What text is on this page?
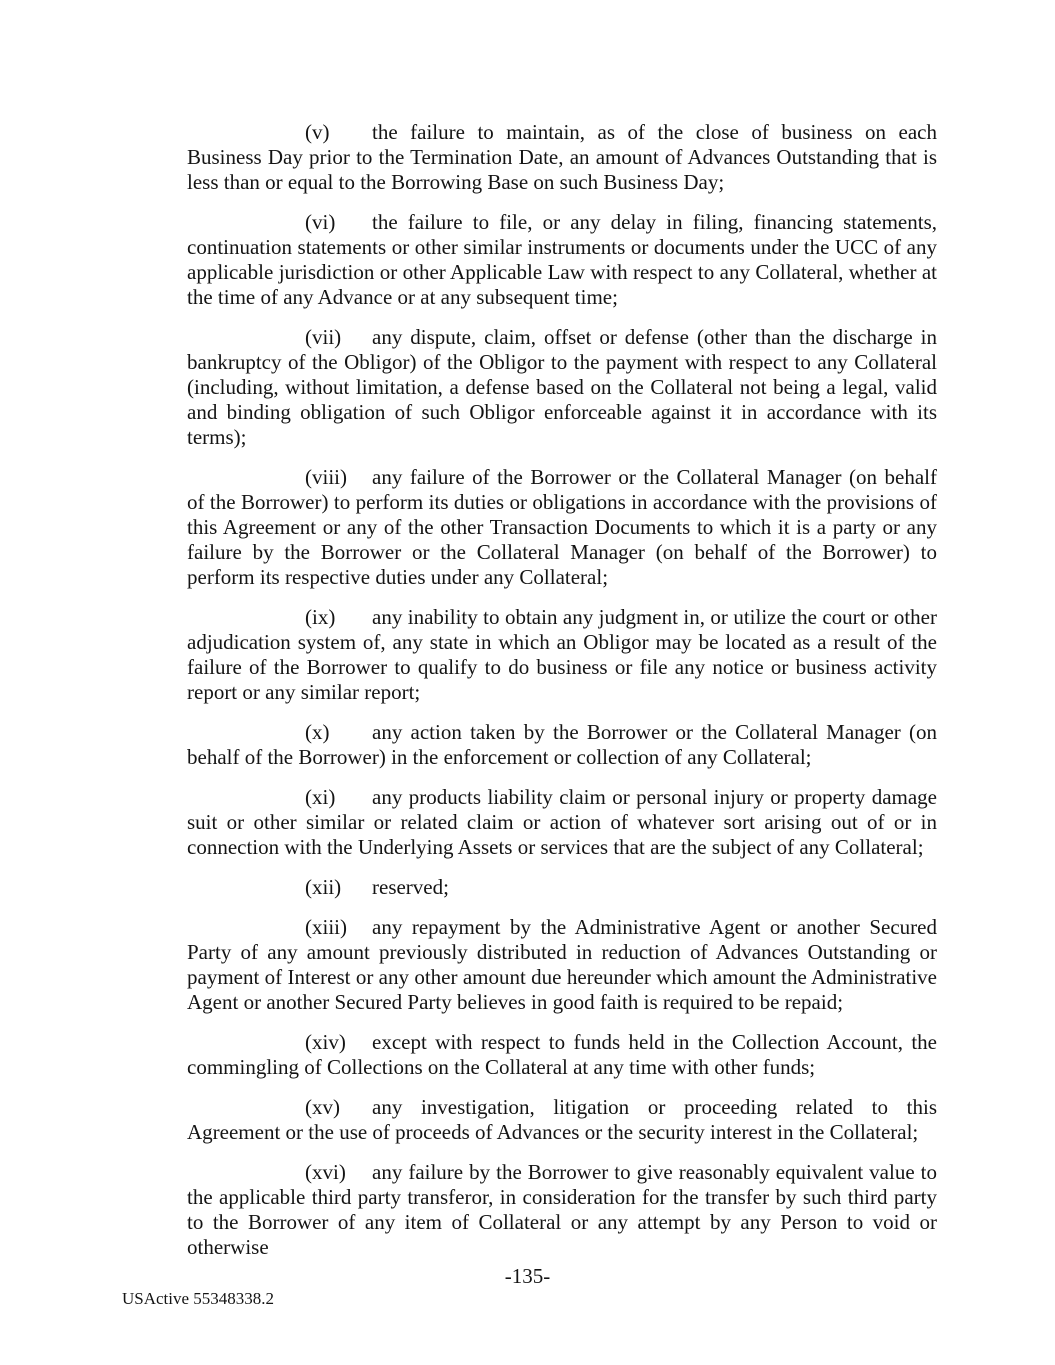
(v) the failure to maintain, as of the close of business on each Business Day prior to the Termination Date, an amount of Advances Outstanding that is less than or equal to the Borrowing Base on such Business Day;

(vi) the failure to file, or any delay in filing, financing statements, continuation statements or other similar instruments or documents under the UCC of any applicable jurisdiction or other Applicable Law with respect to any Collateral, whether at the time of any Advance or at any subsequent time;

(vii) any dispute, claim, offset or defense (other than the discharge in bankruptcy of the Obligor) of the Obligor to the payment with respect to any Collateral (including, without limitation, a defense based on the Collateral not being a legal, valid and binding obligation of such Obligor enforceable against it in accordance with its terms);

(viii) any failure of the Borrower or the Collateral Manager (on behalf of the Borrower) to perform its duties or obligations in accordance with the provisions of this Agreement or any of the other Transaction Documents to which it is a party or any failure by the Borrower or the Collateral Manager (on behalf of the Borrower) to perform its respective duties under any Collateral;

(ix) any inability to obtain any judgment in, or utilize the court or other adjudication system of, any state in which an Obligor may be located as a result of the failure of the Borrower to qualify to do business or file any notice or business activity report or any similar report;

(x) any action taken by the Borrower or the Collateral Manager (on behalf of the Borrower) in the enforcement or collection of any Collateral;

(xi) any products liability claim or personal injury or property damage suit or other similar or related claim or action of whatever sort arising out of or in connection with the Underlying Assets or services that are the subject of any Collateral;

(xii) reserved;

(xiii) any repayment by the Administrative Agent or another Secured Party of any amount previously distributed in reduction of Advances Outstanding or payment of Interest or any other amount due hereunder which amount the Administrative Agent or another Secured Party believes in good faith is required to be repaid;

(xiv) except with respect to funds held in the Collection Account, the commingling of Collections on the Collateral at any time with other funds;

(xv) any investigation, litigation or proceeding related to this Agreement or the use of proceeds of Advances or the security interest in the Collateral;

(xvi) any failure by the Borrower to give reasonably equivalent value to the applicable third party transferor, in consideration for the transfer by such third party to the Borrower of any item of Collateral or any attempt by any Person to void or otherwise

-135-
USActive 55348338.2
